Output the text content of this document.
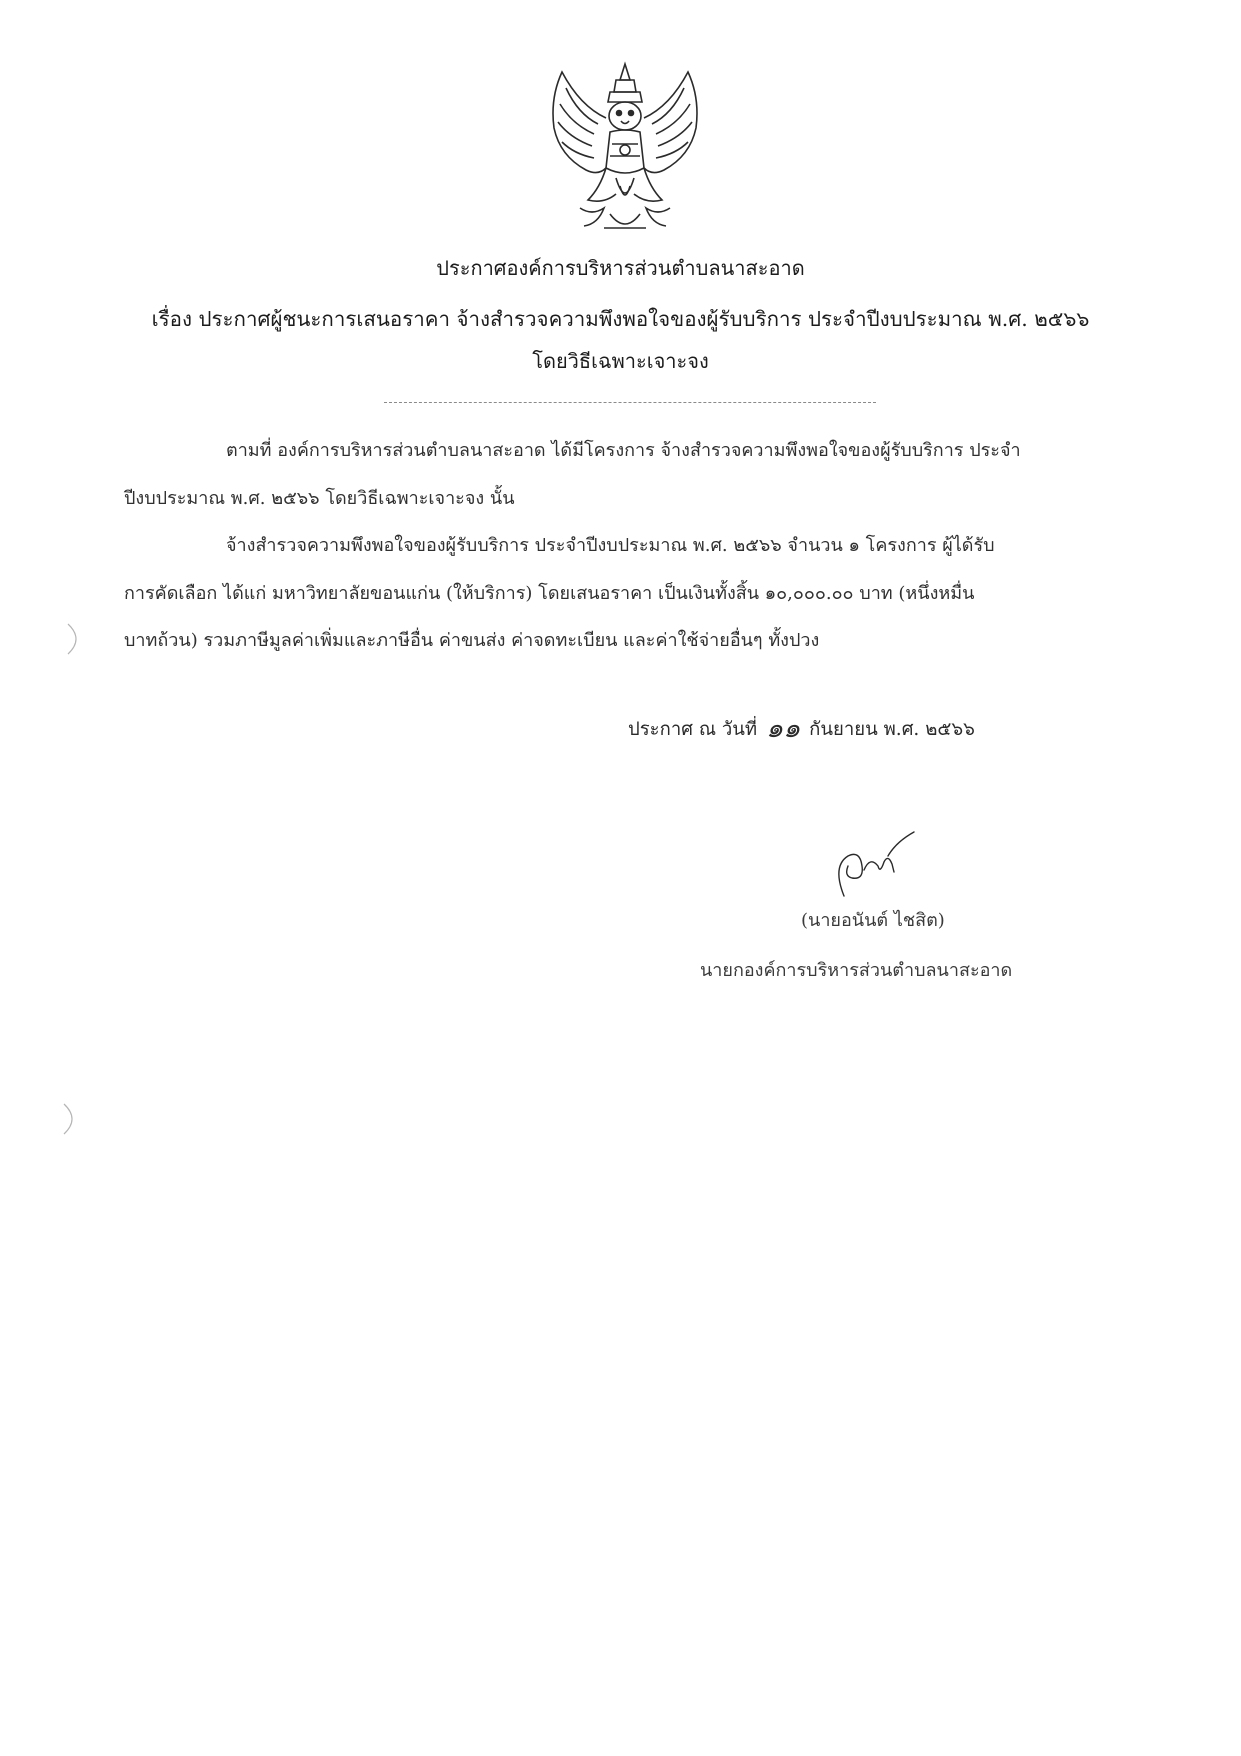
ประกาศองค์การบริหารส่วนตำบลนาสะอาด
เรื่อง ประกาศผู้ชนะการเสนอราคา จ้างสำรวจความพึงพอใจของผู้รับบริการ ประจำปีงบประมาณ พ.ศ. ๒๕๖๖
โดยวิธีเฉพาะเจาะจง
ตามที่ องค์การบริหารส่วนตำบลนาสะอาด ได้มีโครงการ จ้างสำรวจความพึงพอใจของผู้รับบริการ ประจำ
ปีงบประมาณ พ.ศ. ๒๕๖๖ โดยวิธีเฉพาะเจาะจง นั้น
จ้างสำรวจความพึงพอใจของผู้รับบริการ ประจำปีงบประมาณ พ.ศ. ๒๕๖๖ จำนวน ๑ โครงการ ผู้ได้รับ
การคัดเลือก ได้แก่ มหาวิทยาลัยขอนแก่น (ให้บริการ) โดยเสนอราคา เป็นเงินทั้งสิ้น ๑๐,๐๐๐.๐๐ บาท (หนึ่งหมื่น
บาทถ้วน) รวมภาษีมูลค่าเพิ่มและภาษีอื่น ค่าขนส่ง ค่าจดทะเบียน และค่าใช้จ่ายอื่นๆ ทั้งปวง
ประกาศ ณ วันที่ ๑๑ กันยายน พ.ศ. ๒๕๖๖
(นายอนันต์ ไชสิต)
นายกองค์การบริหารส่วนตำบลนาสะอาด
